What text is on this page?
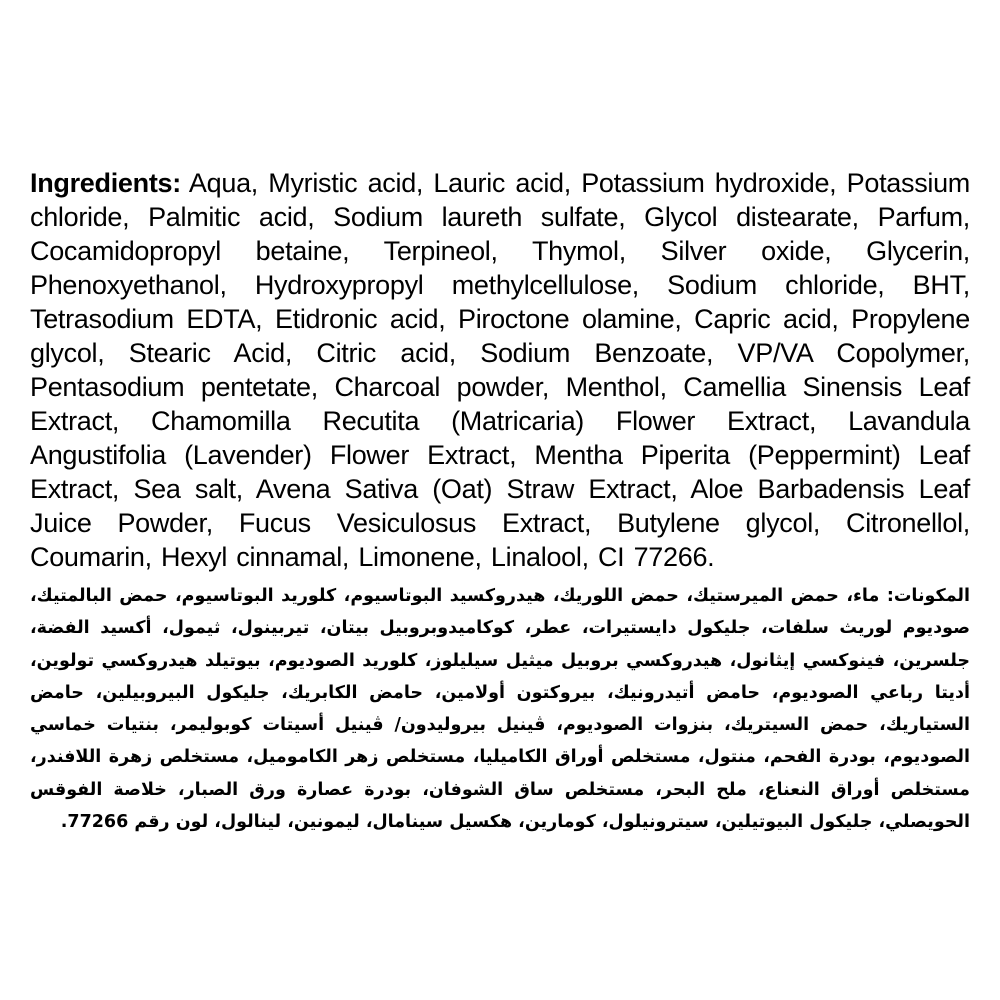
Ingredients: Aqua, Myristic acid, Lauric acid, Potassium hydroxide, Potassium chloride, Palmitic acid, Sodium laureth sulfate, Glycol distearate, Parfum, Cocamidopropyl betaine, Terpineol, Thymol, Silver oxide, Glycerin, Phenoxyethanol, Hydroxypropyl methylcellulose, Sodium chloride, BHT, Tetrasodium EDTA, Etidronic acid, Piroctone olamine, Capric acid, Propylene glycol, Stearic Acid, Citric acid, Sodium Benzoate, VP/VA Copolymer, Pentasodium pentetate, Charcoal powder, Menthol, Camellia Sinensis Leaf Extract, Chamomilla Recutita (Matricaria) Flower Extract, Lavandula Angustifolia (Lavender) Flower Extract, Mentha Piperita (Peppermint) Leaf Extract, Sea salt, Avena Sativa (Oat) Straw Extract, Aloe Barbadensis Leaf Juice Powder, Fucus Vesiculosus Extract, Butylene glycol, Citronellol, Coumarin, Hexyl cinnamal, Limonene, Linalool, CI 77266.

المكونات: ماء، حمض الميرستيك، حمض اللوريك، هيدروكسيد البوتاسيوم، كلوريد البوتاسيوم، حمض البالمتيك، صوديوم لوريث سلفات، جليكول دايستيرات، عطر، كوكاميدوبروبيل بيتان، تيربينول، ثيمول، أكسيد الفضة، جلسرين، فينوكسي إيثانول، هيدروكسي بروبيل ميثيل سيليلوز، كلوريد الصوديوم، بيوتيلد هيدروكسي تولوين، أديتا رباعي الصوديوم، حامض أتيدرونيك، بيروكتون أولامين، حامض الكابريك، جليكول البيروبيلين، حامض الستياريك، حمض السيتريك، بنزوات الصوديوم، ڤينيل بيروليدون/ ڤينيل أسيتات كوبوليمر، بنتيات خماسي الصوديوم، بودرة الفحم، منتول، مستخلص أوراق الكاميليا، مستخلص زهر الكاموميل، مستخلص زهرة اللافندر، مستخلص أوراق النعناع، ملح البحر، مستخلص ساق الشوفان، بودرة عصارة ورق الصبار، خلاصة الفوقس الحويصلي، جليكول البيوتيلين، سيترونيلول، كومارين، هكسيل سينامال، ليمونين، لينالول، لون رقم 77266.
